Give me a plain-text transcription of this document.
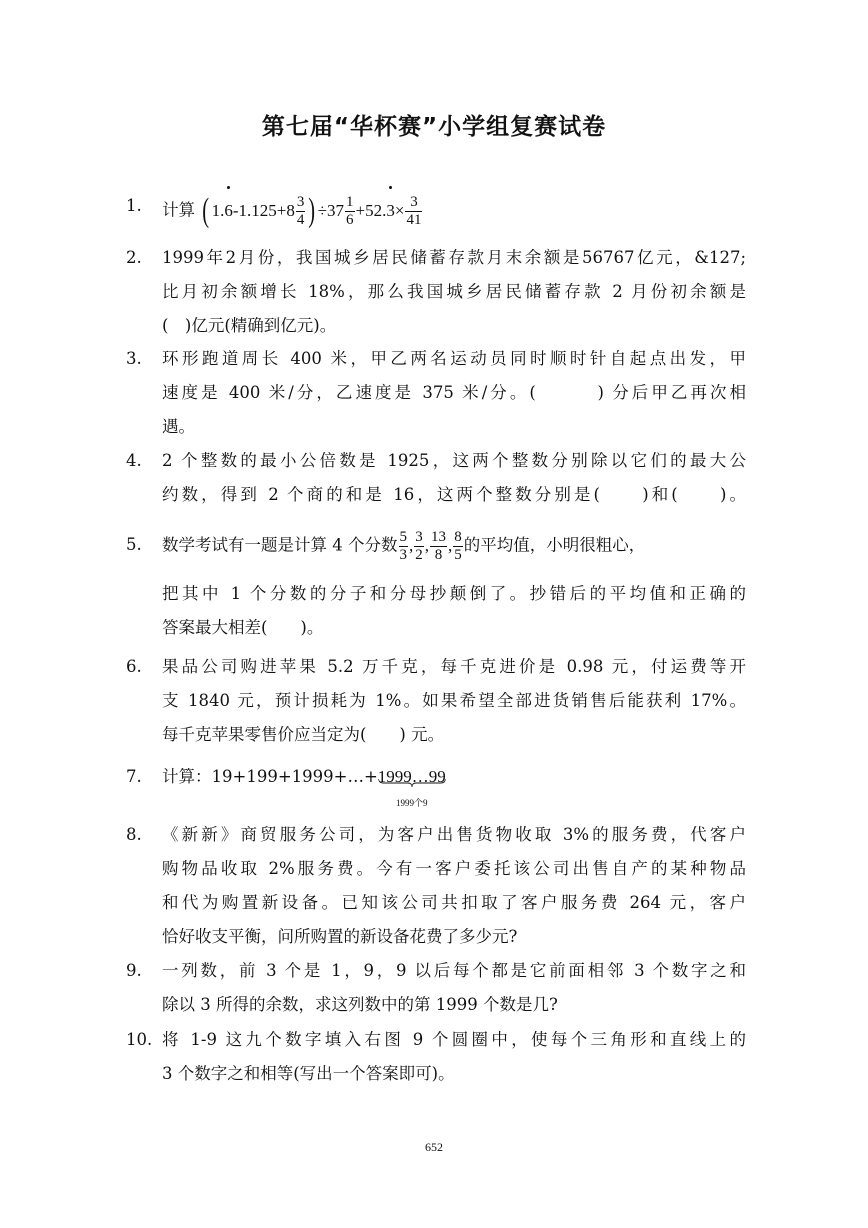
第七届“华杯赛”小学组复赛试卷
1.	计算 ( $1.6-1.125+8 \frac{3}{4}$ ) $\div 37 \frac{1}{6} +52.3\times \frac{3}{41}$
2.	1999年2月份，我国城乡居民储蓄存款月末余额是56767亿元，&127;
比月初余额增长 18%，那么我国城乡居民储蓄存款 2 月份初余额是
(　)亿元(精确到亿元)。
3.	环形跑道周长 400 米，甲乙两名运动员同时顺时针自起点出发，甲
速度是 400 米/分，乙速度是 375 米/分。(　　　) 分后甲乙再次相
遇。
4.	2 个整数的最小公倍数是 1925，这两个整数分别除以它们的最大公
约数，得到 2 个商的和是 16，这两个整数分别是(　　)和(　　)。
5.	数学考试有一题是计算 4 个分数 $\frac{5}{3}$ , $\frac{3}{2}$ , $\frac{13}{8}$ , $\frac{8}{5}$ 的平均值，小明很粗心，
把其中 1 个分数的分子和分母抄颠倒了。抄错后的平均值和正确的
答案最大相差(　　)。
6.	果品公司购进苹果 5.2 万千克，每千克进价是 0.98 元，付运费等开
支 1840 元，预计损耗为 1%。如果希望全部进货销售后能获利 17%。
每千克苹果零售价应当定为(　　) 元。
7.	计算：19+199+1999+…+1999…99
1999个9
8.	《新新》商贸服务公司，为客户出售货物收取 3%的服务费，代客户
购物品收取 2%服务费。今有一客户委托该公司出售自产的某种物品
和代为购置新设备。已知该公司共扣取了客户服务费 264 元，客户
恰好收支平衡，问所购置的新设备花费了多少元?
9.	一列数，前 3 个是 1，9，9 以后每个都是它前面相邻 3 个数字之和
除以 3 所得的余数，求这列数中的第 1999 个数是几?
10. 将 1-9 这九个数字填入右图 9 个圆圈中，使每个三角形和直线上的
3 个数字之和相等(写出一个答案即可)。
652
